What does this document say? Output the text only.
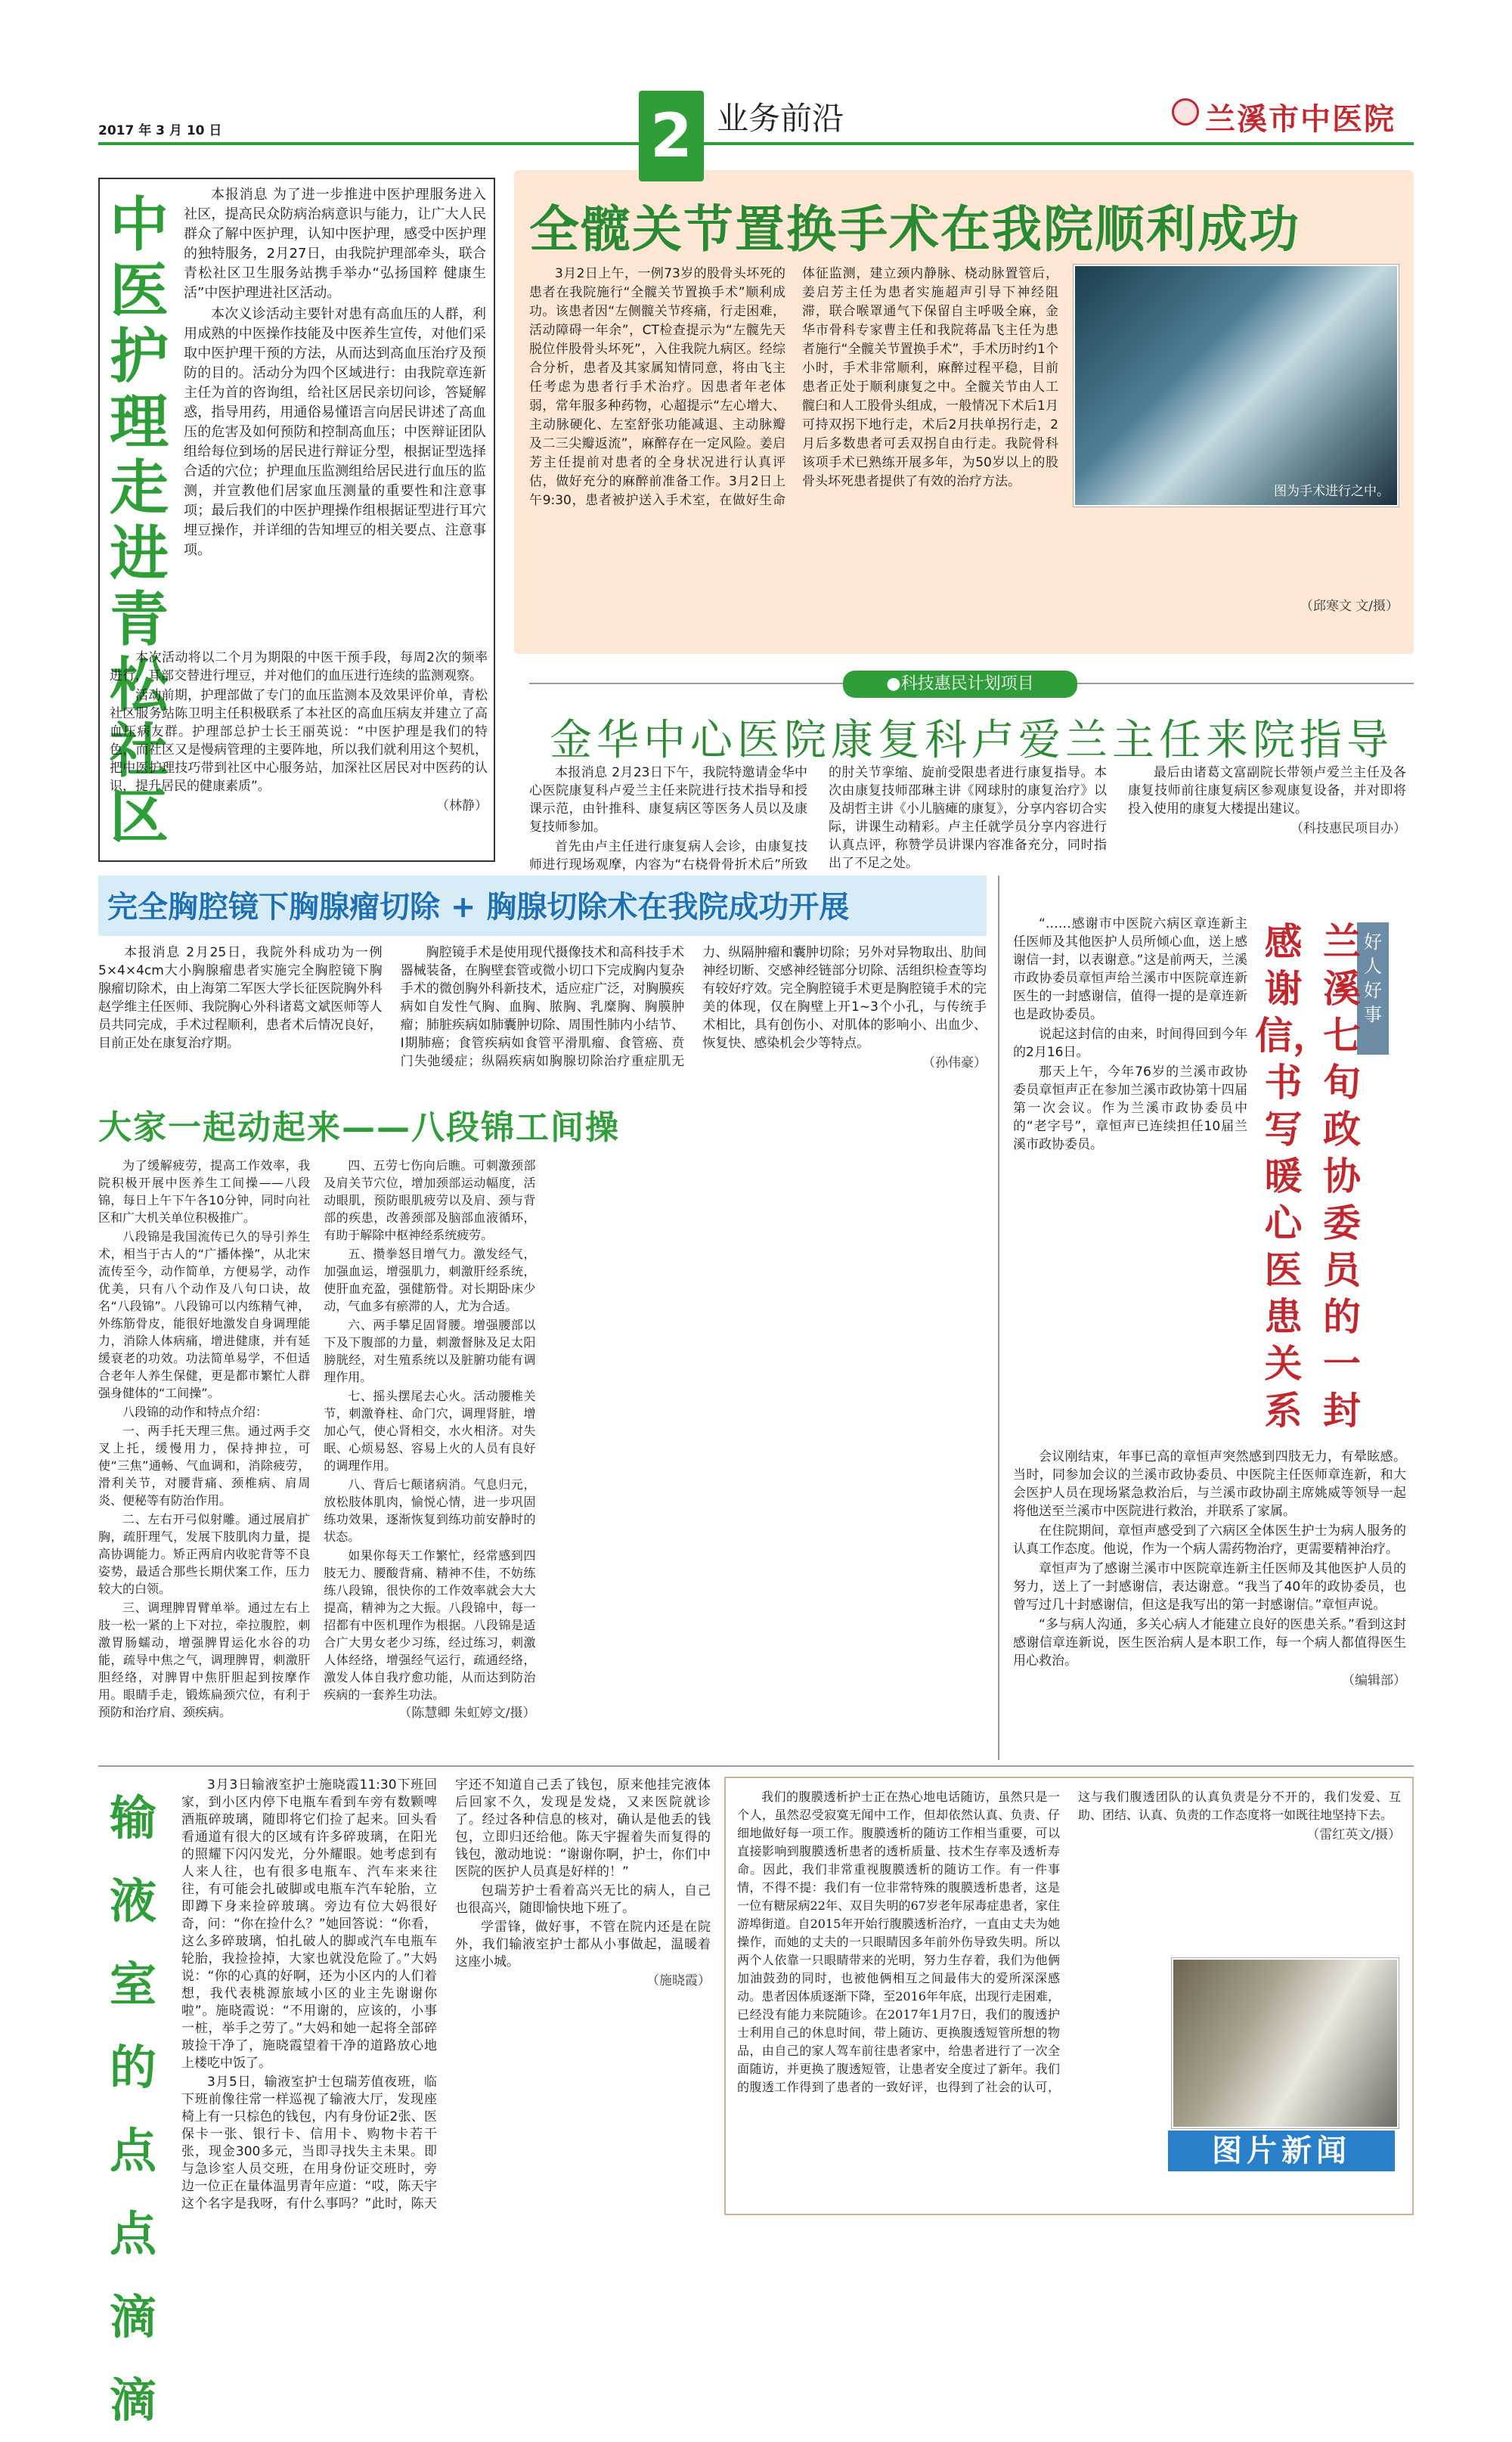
2017 年 3 月 10 日	2 业务前沿	兰溪市中医院
中医护理走进青松社区

本报消息 为了进一步推进中医护理服务进入社区，提高民众防病治病意识与能力，让广大人民群众了解中医护理，认知中医护理，感受中医护理的独特服务，2月27日，由我院护理部牵头，联合青松社区卫生服务站携手举办“弘扬国粹 健康生活”中医护理进社区活动。

本次义诊活动主要针对患有高血压的人群，利用成熟的中医操作技能及中医养生宣传，对他们采取中医护理干预的方法，从而达到高血压治疗及预防的目的。活动分为四个区域进行：由我院章连新主任为首的咨询组，给社区居民亲切问诊，答疑解惑，指导用药，用通俗易懂语言向居民讲述了高血压的危害及如何预防和控制高血压；中医辩证团队组给每位到场的居民进行辩证分型，根据证型选择合适的穴位；护理血压监测组给居民进行血压的监测，并宣教他们居家血压测量的重要性和注意事项；最后我们的中医护理操作组根据证型进行耳穴埋豆操作，并详细的告知埋豆的相关要点、注意事项。

本次活动将以二个月为期限的中医干预手段，每周2次的频率进行，耳部交替进行埋豆，并对他们的血压进行连续的监测观察。

活动前期，护理部做了专门的血压监测本及效果评价单，青松社区服务站陈卫明主任积极联系了本社区的高血压病友并建立了高血压病友群。护理部总护士长王丽英说：“中医护理是我们的特色，而社区又是慢病管理的主要阵地，所以我们就利用这个契机，把中医护理技巧带到社区中心服务站，加深社区居民对中医药的认识，提升居民的健康素质”。

（林静）
全髋关节置换手术在我院顺利成功

3月2日上午，一例73岁的股骨头坏死的患者在我院施行“全髋关节置换手术”顺利成功。该患者因“左侧髋关节疼痛，行走困难，活动障碍一年余”，CT检查提示为“左髋先天脱位伴股骨头坏死”，入住我院九病区。经综合分析，患者及其家属知情同意，将由飞主任考虑为患者行手术治疗。因患者年老体弱，常年服多种药物，心超提示“左心增大、主动脉硬化、左室舒张功能减退、主动脉瓣及二三尖瓣返流”，麻醉存在一定风险。姜启芳主任提前对患者的全身状况进行认真评估，做好充分的麻醉前准备工作。3月2日上午9:30，患者被护送入手术室，在做好生命体征监测，建立颈内静脉、桡动脉置管后，姜启芳主任为患者实施超声引导下神经阻滞，联合喉罩通气下保留自主呼吸全麻，金华市骨科专家曹主任和我院蒋晶飞主任为患者施行“全髋关节置换手术”，手术历时约1个小时，手术非常顺利，麻醉过程平稳，目前患者正处于顺利康复之中。全髋关节由人工髋臼和人工股骨头组成，一般情况下术后1月可持双拐下地行走，术后2月扶单拐行走，2月后多数患者可丢双拐自由行走。我院骨科该项手术已熟练开展多年，为50岁以上的股骨头坏死患者提供了有效的治疗方法。

图为手术进行之中。
（邱寒文 文/摄）
●科技惠民计划项目
金华中心医院康复科卢爱兰主任来院指导

本报消息 2月23日下午，我院特邀请金华中心医院康复科卢爱兰主任来院进行技术指导和授课示范，由针推科、康复病区等医务人员以及康复技师参加。

首先由卢主任进行康复病人会诊，由康复技师进行现场观摩，内容为“右桡骨骨折术后”所致的肘关节挛缩、旋前受限患者进行康复指导。本次由康复技师邵琳主讲《网球肘的康复治疗》以及胡哲主讲《小儿脑瘫的康复》，分享内容切合实际，讲课生动精彩。卢主任就学员分享内容进行认真点评，称赞学员讲课内容准备充分，同时指出了不足之处。

最后由诸葛文富副院长带领卢爱兰主任及各康复技师前往康复病区参观康复设备，并对即将投入使用的康复大楼提出建议。

（科技惠民项目办）
完全胸腔镜下胸腺瘤切除 + 胸腺切除术在我院成功开展

本报消息 2月25日，我院外科成功为一例5×4×4cm大小胸腺瘤患者实施完全胸腔镜下胸腺瘤切除术，由上海第二军医大学长征医院胸外科赵学维主任医师、我院胸心外科诸葛文斌医师等人员共同完成，手术过程顺利，患者术后情况良好，目前正处在康复治疗期。

胸腔镜手术是使用现代摄像技术和高科技手术器械装备，在胸壁套管或微小切口下完成胸内复杂手术的微创胸外科新技术，适应症广泛，对胸膜疾病如自发性气胸、血胸、脓胸、乳糜胸、胸膜肿瘤；肺脏疾病如肺囊肿切除、周围性肺内小结节、I期肺癌；食管疾病如食管平滑肌瘤、食管癌、贲门失弛缓症；纵隔疾病如胸腺切除治疗重症肌无力、纵隔肿瘤和囊肿切除；另外对异物取出、肋间神经切断、交感神经链部分切除、活组织检查等均有较好疗效。完全胸腔镜手术更是胸腔镜手术的完美的体现，仅在胸壁上开1~3个小孔，与传统手术相比，具有创伤小、对肌体的影响小、出血少、恢复快、感染机会少等特点。

（孙伟豪）
大家一起动起来——八段锦工间操

为了缓解疲劳，提高工作效率，我院积极开展中医养生工间操——八段锦，每日上午下午各10分钟，同时向社区和广大机关单位积极推广。

八段锦是我国流传已久的导引养生术，相当于古人的“广播体操”，从北宋流传至今，动作简单，方便易学，动作优美，只有八个动作及八句口诀，故名“八段锦”。八段锦可以内练精气神，外练筋骨皮，能很好地激发自身调理能力，消除人体病痛，增进健康，并有延缓衰老的功效。功法简单易学，不但适合老年人养生保健，更是都市繁忙人群强身健体的“工间操”。

八段锦的动作和特点介绍：

一、两手托天理三焦。通过两手交叉上托，缓慢用力，保持抻拉，可使“三焦”通畅、气血调和，消除疲劳，滑利关节，对腰背痛、颈椎病、肩周炎、便秘等有防治作用。

二、左右开弓似射雕。通过展肩扩胸，疏肝理气，发展下肢肌肉力量，提高协调能力。矫正两肩内收驼背等不良姿势，最适合那些长期伏案工作，压力较大的白领。

三、调理脾胃臂单举。通过左右上肢一松一紧的上下对拉，牵拉腹腔，刺激胃肠蠕动，增强脾胃运化水谷的功能，疏导中焦之气，调理脾胃，刺激肝胆经络，对脾胃中焦肝胆起到按摩作用。眼睛手走，锻炼扁颈穴位，有利于预防和治疗肩、颈疾病。

四、五劳七伤向后瞧。可刺激颈部及肩关节穴位，增加颈部运动幅度，活动眼肌，预防眼肌疲劳以及肩、颈与背部的疾患，改善颈部及脑部血液循环，有助于解除中枢神经系统疲劳。

五、攒拳怒目增气力。激发经气，加强血运，增强肌力，刺激肝经系统，使肝血充盈，强健筋骨。对长期卧床少动，气血多有瘀滞的人，尤为合适。

六、两手攀足固肾腰。增强腰部以下及下腹部的力量，刺激督脉及足太阳膀胱经，对生殖系统以及脏腑功能有调理作用。

七、摇头摆尾去心火。活动腰椎关节，刺激脊柱、命门穴，调理肾脏，增加心气，使心肾相交，水火相济。对失眠、心烦易怒、容易上火的人员有良好的调理作用。

八、背后七颠诸病消。气息归元，放松肢体肌肉，愉悦心情，进一步巩固练功效果，逐渐恢复到练功前安静时的状态。

如果你每天工作繁忙，经常感到四肢无力、腰酸背痛、精神不佳，不妨练练八段锦，很快你的工作效率就会大大提高，精神为之大振。八段锦中，每一招都有中医机理作为根据。八段锦是适合广大男女老少习练，经过练习，刺激人体经络，增强经气运行，疏通经络，激发人体自我疗愈功能，从而达到防治疾病的一套养生功法。

（陈慧卿 朱虹婷文/摄）
好人好事
感谢信，书写暖心医患关系
兰溪七旬政协委员的一封

“……感谢市中医院六病区章连新主任医师及其他医护人员所倾心血，送上感谢信一封，以表谢意。”这是前两天，兰溪市政协委员章恒声给兰溪市中医院章连新医生的一封感谢信，值得一提的是章连新也是政协委员。

说起这封信的由来，时间得回到今年的2月16日。

那天上午，今年76岁的兰溪市政协委员章恒声正在参加兰溪市政协第十四届第一次会议。作为兰溪市政协委员中的“老字号”，章恒声已连续担任10届兰溪市政协委员。

会议刚结束，年事已高的章恒声突然感到四肢无力，有晕眩感。当时，同参加会议的兰溪市政协委员、中医院主任医师章连新，和大会医护人员在现场紧急救治后，与兰溪市政协副主席姚威等领导一起将他送至兰溪市中医院进行救治，并联系了家属。

在住院期间，章恒声感受到了六病区全体医生护士为病人服务的认真工作态度。他说，作为一个病人需药物治疗，更需要精神治疗。

章恒声为了感谢兰溪市中医院章连新主任医师及其他医护人员的努力，送上了一封感谢信，表达谢意。“我当了40年的政协委员，也曾写过几十封感谢信，但这是我写出的第一封感谢信。”章恒声说。

“多与病人沟通，多关心病人才能建立良好的医患关系。”看到这封感谢信章连新说，医生医治病人是本职工作，每一个病人都值得医生用心救治。

（编辑部）
输液室的点点滴滴

3月3日输液室护士施晓霞11:30下班回家，到小区内停下电瓶车看到车旁有数颗啤酒瓶碎玻璃，随即将它们捡了起来。回头看看通道有很大的区域有许多碎玻璃，在阳光的照耀下闪闪发光，分外耀眼。她考虑到有人来人往，也有很多电瓶车、汽车来来往往，有可能会扎破脚或电瓶车汽车轮胎，立即蹲下身来捡碎玻璃。旁边有位大妈很好奇，问：“你在捡什么？”她回答说：“你看，这么多碎玻璃，怕扎破人的脚或汽车电瓶车轮胎，我捡捡掉，大家也就没危险了。”大妈说：“你的心真的好啊，还为小区内的人们着想，我代表桃源旅域小区的业主先谢谢你啦”。施晓霞说：“不用谢的，应该的，小事一桩，举手之劳了。”大妈和她一起将全部碎玻捡干净了，施晓霞望着干净的道路放心地上楼吃中饭了。

3月5日，输液室护士包瑞芳值夜班，临下班前像往常一样巡视了输液大厅，发现座椅上有一只棕色的钱包，内有身份证2张、医保卡一张、银行卡、信用卡、购物卡若干张，现金300多元，当即寻找失主未果。即与急诊室人员交班，在用身份证交班时，旁边一位正在量体温男青年应道：“哎，陈天宇这个名字是我呀，有什么事吗？”此时，陈天宇还不知道自己丢了钱包，原来他挂完液体后回家不久，发现是发烧，又来医院就诊了。经过各种信息的核对，确认是他丢的钱包，立即归还给他。陈天宇握着失而复得的钱包，激动地说：“谢谢你啊，护士，你们中医院的医护人员真是好样的！”

包瑞芳护士看着高兴无比的病人，自己也很高兴，随即愉快地下班了。

学雷锋，做好事，不管在院内还是在院外，我们输液室护士都从小事做起，温暖着这座小城。

（施晓霞）

我们的腹膜透析护士正在热心地电话随访，虽然只是一个人，虽然忍受寂寞无闻中工作，但却依然认真、负责、仔细地做好每一项工作。腹膜透析的随访工作相当重要，可以直接影响到腹膜透析患者的透析质量、技术生存率及透析寿命。因此，我们非常重视腹膜透析的随访工作。有一件事情，不得不提：我们有一位非常特殊的腹膜透析患者，这是一位有糖尿病22年、双目失明的67岁老年尿毒症患者，家住游埠街道。自2015年开始行腹膜透析治疗，一直由丈夫为她操作，而她的丈夫的一只眼睛因多年前外伤导致失明。所以两个人依靠一只眼睛带来的光明，努力生存着，我们为他俩加油鼓劲的同时，也被他俩相互之间最伟大的爱所深深感动。患者因体质逐渐下降，至2016年年底，出现行走困难，已经没有能力来院随诊。在2017年1月7日，我们的腹透护士利用自己的休息时间，带上随访、更换腹透短管所想的物品，由自己的家人驾车前往患者家中，给患者进行了一次全面随访，并更换了腹透短管，让患者安全度过了新年。我们的腹透工作得到了患者的一致好评，也得到了社会的认可，这与我们腹透团队的认真负责是分不开的，我们发爱、互助、团结、认真、负责的工作态度将一如既往地坚持下去。

（雷红英文/摄）
图片新闻
